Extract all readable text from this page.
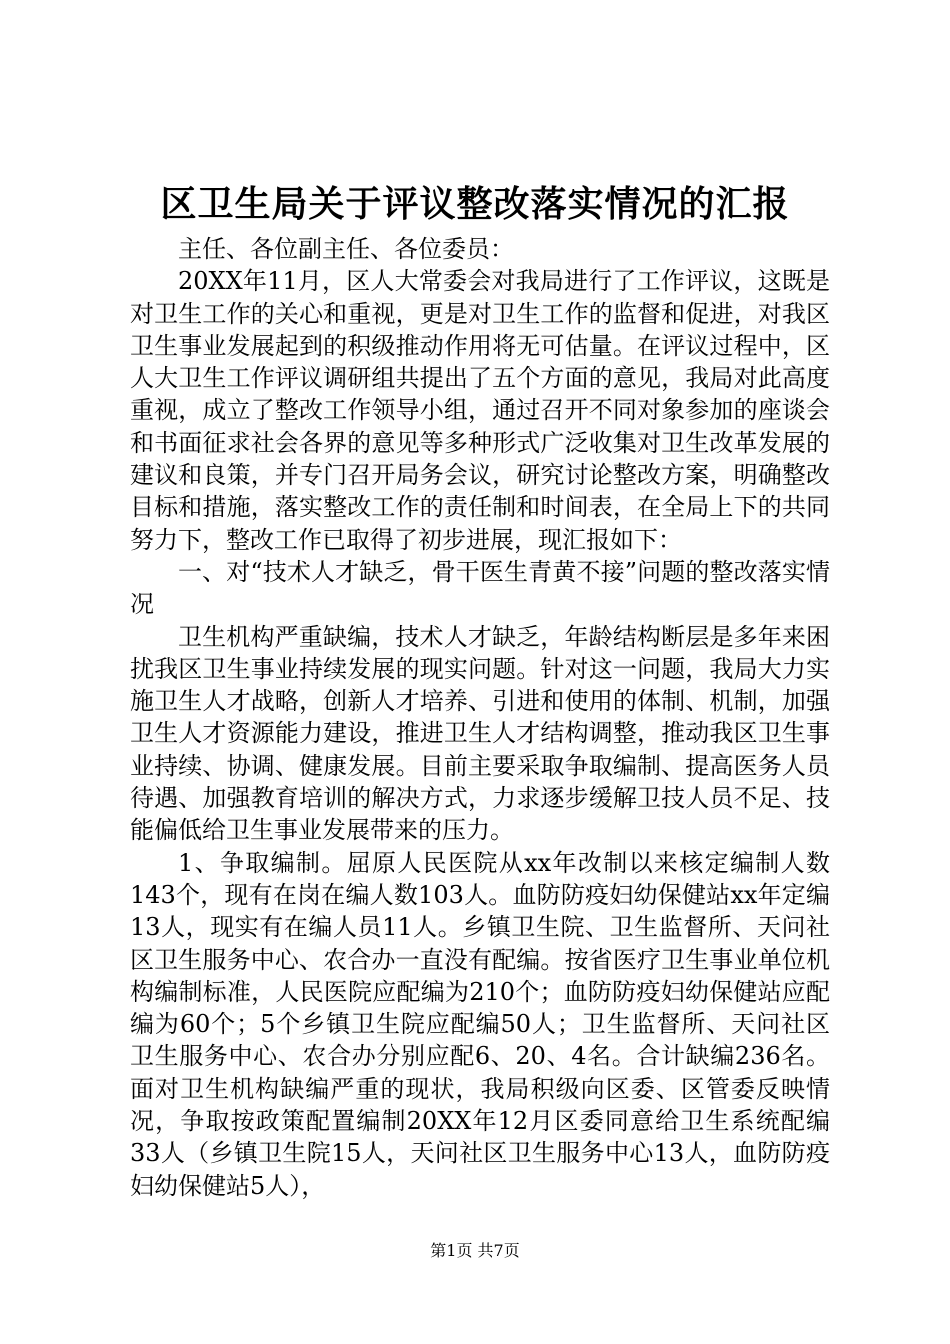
区卫生局关于评议整改落实情况的汇报

主任、各位副主任、各位委员：

20XX年11月，区人大常委会对我局进行了工作评议，这既是对卫生工作的关心和重视，更是对卫生工作的监督和促进，对我区卫生事业发展起到的积级推动作用将无可估量。在评议过程中，区人大卫生工作评议调研组共提出了五个方面的意见，我局对此高度重视，成立了整改工作领导小组，通过召开不同对象参加的座谈会和书面征求社会各界的意见等多种形式广泛收集对卫生改革发展的建议和良策，并专门召开局务会议，研究讨论整改方案，明确整改目标和措施，落实整改工作的责任制和时间表，在全局上下的共同努力下，整改工作已取得了初步进展，现汇报如下：

一、对“技术人才缺乏，骨干医生青黄不接”问题的整改落实情况

卫生机构严重缺编，技术人才缺乏，年龄结构断层是多年来困扰我区卫生事业持续发展的现实问题。针对这一问题，我局大力实施卫生人才战略，创新人才培养、引进和使用的体制、机制，加强卫生人才资源能力建设，推进卫生人才结构调整，推动我区卫生事业持续、协调、健康发展。目前主要采取争取编制、提高医务人员待遇、加强教育培训的解决方式，力求逐步缓解卫技人员不足、技能偏低给卫生事业发展带来的压力。

1、争取编制。屈原人民医院从xx年改制以来核定编制人数143个，现有在岗在编人数103人。血防防疫妇幼保健站xx年定编13人，现实有在编人员11人。乡镇卫生院、卫生监督所、天问社区卫生服务中心、农合办一直没有配编。按省医疗卫生事业单位机构编制标准，人民医院应配编为210个；血防防疫妇幼保健站应配编为60个；5个乡镇卫生院应配编50人；卫生监督所、天问社区卫生服务中心、农合办分别应配6、20、4名。合计缺编236名。面对卫生机构缺编严重的现状，我局积级向区委、区管委反映情况，争取按政策配置编制20XX年12月区委同意给卫生系统配编33人（乡镇卫生院15人，天问社区卫生服务中心13人，血防防疫妇幼保健站5人），

第1页 共7页
